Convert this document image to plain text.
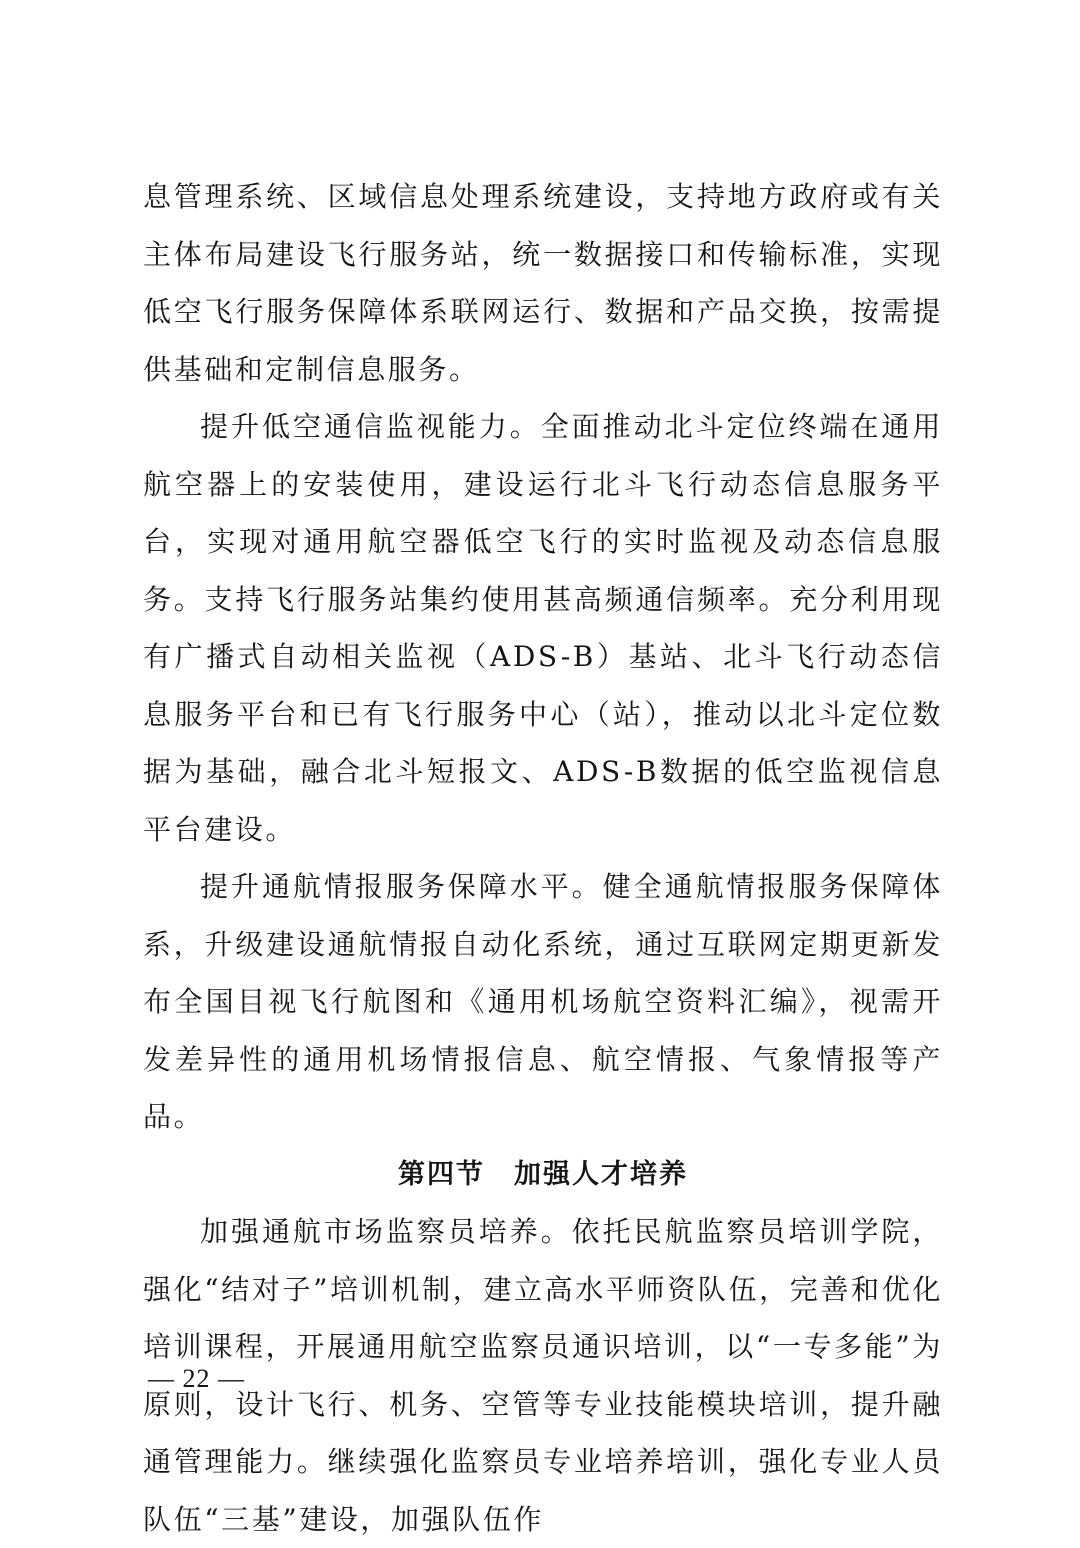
息管理系统、区域信息处理系统建设，支持地方政府或有关主体布局建设飞行服务站，统一数据接口和传输标准，实现低空飞行服务保障体系联网运行、数据和产品交换，按需提供基础和定制信息服务。

提升低空通信监视能力。全面推动北斗定位终端在通用航空器上的安装使用，建设运行北斗飞行动态信息服务平台，实现对通用航空器低空飞行的实时监视及动态信息服务。支持飞行服务站集约使用甚高频通信频率。充分利用现有广播式自动相关监视（ADS-B）基站、北斗飞行动态信息服务平台和已有飞行服务中心（站），推动以北斗定位数据为基础，融合北斗短报文、ADS-B数据的低空监视信息平台建设。

提升通航情报服务保障水平。健全通航情报服务保障体系，升级建设通航情报自动化系统，通过互联网定期更新发布全国目视飞行航图和《通用机场航空资料汇编》，视需开发差异性的通用机场情报信息、航空情报、气象情报等产品。

第四节　加强人才培养

加强通航市场监察员培养。依托民航监察员培训学院，强化“结对子”培训机制，建立高水平师资队伍，完善和优化培训课程，开展通用航空监察员通识培训，以“一专多能”为原则，设计飞行、机务、空管等专业技能模块培训，提升融通管理能力。继续强化监察员专业培养培训，强化专业人员队伍“三基”建设，加强队伍作

— 22 —
